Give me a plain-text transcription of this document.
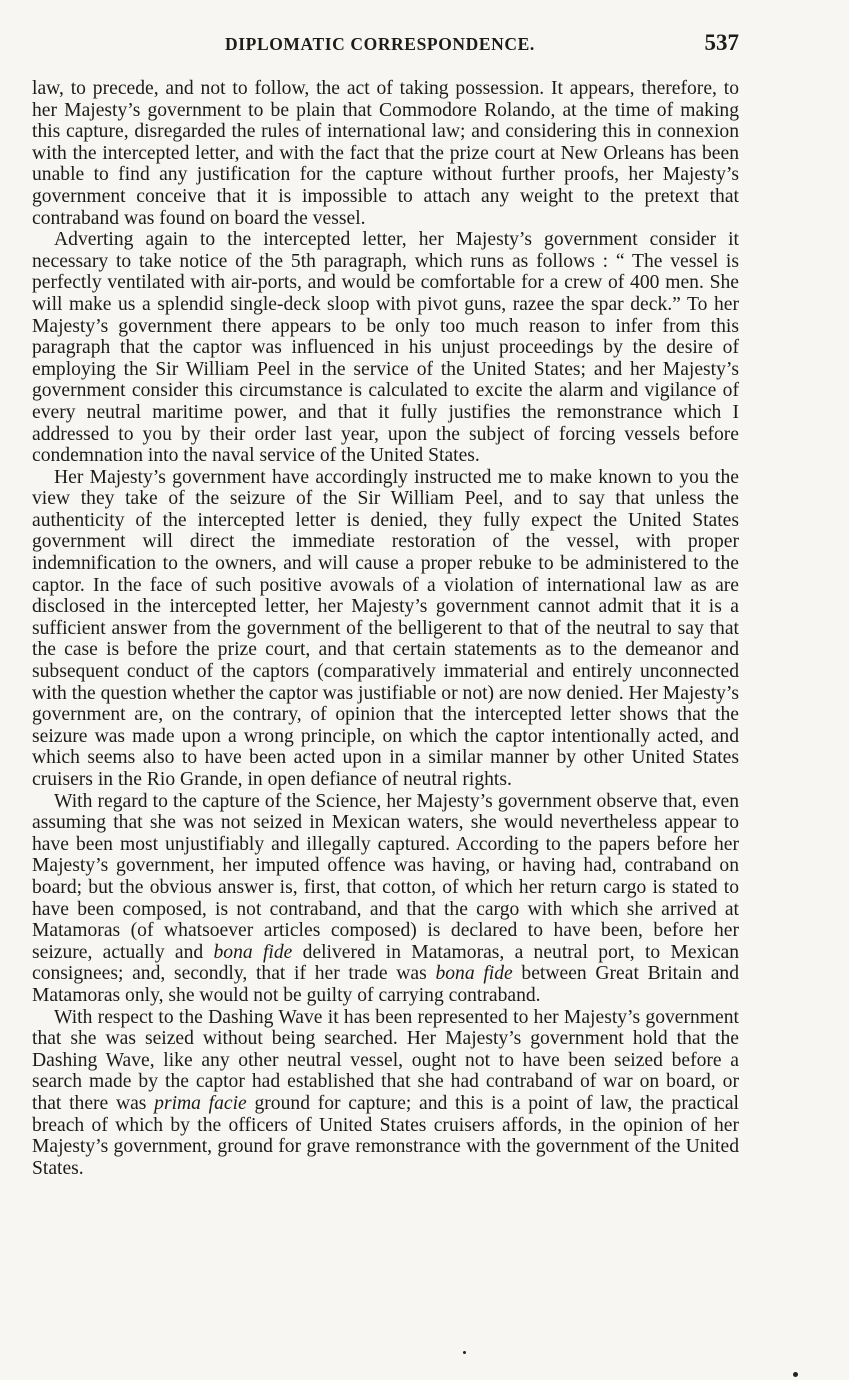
DIPLOMATIC CORRESPONDENCE.	537

law, to precede, and not to follow, the act of taking possession. It appears, therefore, to her Majesty’s government to be plain that Commodore Rolando, at the time of making this capture, disregarded the rules of international law; and considering this in connexion with the intercepted letter, and with the fact that the prize court at New Orleans has been unable to find any justification for the capture without further proofs, her Majesty’s government conceive that it is impossible to attach any weight to the pretext that contraband was found on board the vessel.

Adverting again to the intercepted letter, her Majesty’s government consider it necessary to take notice of the 5th paragraph, which runs as follows : “ The vessel is perfectly ventilated with air-ports, and would be comfortable for a crew of 400 men. She will make us a splendid single-deck sloop with pivot guns, razee the spar deck.” To her Majesty’s government there appears to be only too much reason to infer from this paragraph that the captor was influenced in his unjust proceedings by the desire of employing the Sir William Peel in the service of the United States; and her Majesty’s government consider this circumstance is calculated to excite the alarm and vigilance of every neutral maritime power, and that it fully justifies the remonstrance which I addressed to you by their order last year, upon the subject of forcing vessels before condemnation into the naval service of the United States.

Her Majesty’s government have accordingly instructed me to make known to you the view they take of the seizure of the Sir William Peel, and to say that unless the authenticity of the intercepted letter is denied, they fully expect the United States government will direct the immediate restoration of the vessel, with proper indemnification to the owners, and will cause a proper rebuke to be administered to the captor. In the face of such positive avowals of a violation of international law as are disclosed in the intercepted letter, her Majesty’s government cannot admit that it is a sufficient answer from the government of the belligerent to that of the neutral to say that the case is before the prize court, and that certain statements as to the demeanor and subsequent conduct of the captors (comparatively immaterial and entirely unconnected with the question whether the captor was justifiable or not) are now denied. Her Majesty’s government are, on the contrary, of opinion that the intercepted letter shows that the seizure was made upon a wrong principle, on which the captor intentionally acted, and which seems also to have been acted upon in a similar manner by other United States cruisers in the Rio Grande, in open defiance of neutral rights.

With regard to the capture of the Science, her Majesty’s government observe that, even assuming that she was not seized in Mexican waters, she would nevertheless appear to have been most unjustifiably and illegally captured. According to the papers before her Majesty’s government, her imputed offence was having, or having had, contraband on board; but the obvious answer is, first, that cotton, of which her return cargo is stated to have been composed, is not contraband, and that the cargo with which she arrived at Matamoras (of whatsoever articles composed) is declared to have been, before her seizure, actually and bona fide delivered in Matamoras, a neutral port, to Mexican consignees; and, secondly, that if her trade was bona fide between Great Britain and Matamoras only, she would not be guilty of carrying contraband.

With respect to the Dashing Wave it has been represented to her Majesty’s government that she was seized without being searched. Her Majesty’s government hold that the Dashing Wave, like any other neutral vessel, ought not to have been seized before a search made by the captor had established that she had contraband of war on board, or that there was prima facie ground for capture; and this is a point of law, the practical breach of which by the officers of United States cruisers affords, in the opinion of her Majesty’s government, ground for grave remonstrance with the government of the United States.
